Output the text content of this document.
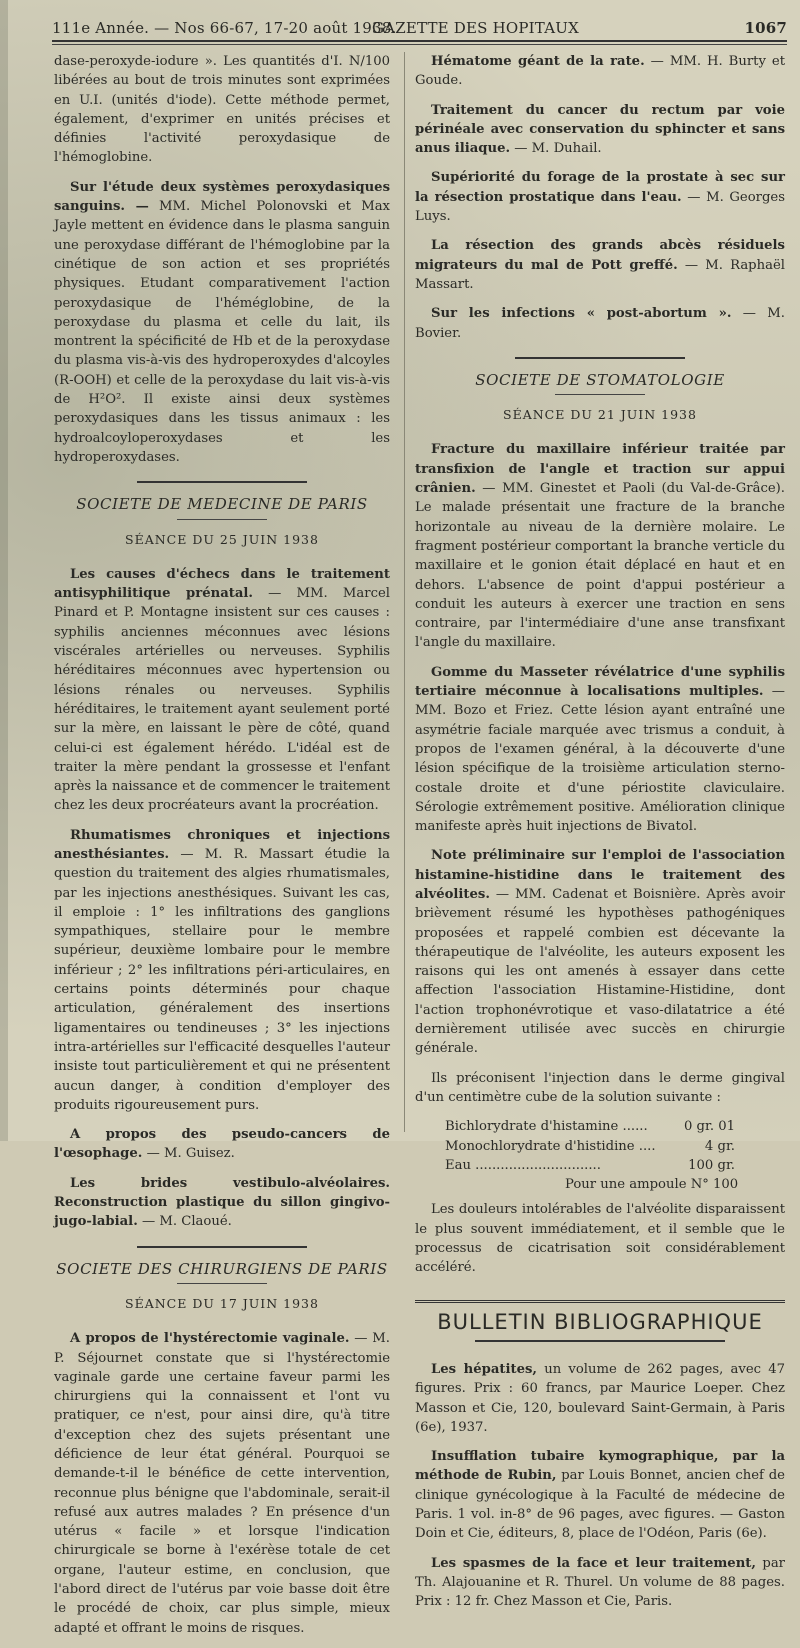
111e Année. — Nos 66-67, 17-20 août 1938.
GAZETTE DES HOPITAUX	1067

dase-peroxyde-iodure ». Les quantités d'I. N/100 libérées au bout de trois minutes sont exprimées en U.I. (unités d'iode). Cette méthode permet, également, d'exprimer en unités précises et définies l'activité peroxydasique de l'hémoglobine.

Sur l'étude deux systèmes peroxydasiques sanguins. — MM. Michel Polonovski et Max Jayle mettent en évidence dans le plasma sanguin une peroxydase différant de l'hémoglobine par la cinétique de son action et ses propriétés physiques. Etudant comparativement l'action peroxydasique de l'héméglobine, de la peroxydase du plasma et celle du lait, ils montrent la spécificité de Hb et de la peroxydase du plasma vis-à-vis des hydroperoxydes d'alcoyles (R-OOH) et celle de la peroxydase du lait vis-à-vis de H²O². Il existe ainsi deux systèmes peroxydasiques dans les tissus animaux : les hydroalcoyloperoxydases et les hydroperoxydases.

SOCIETE DE MEDECINE DE PARIS
SÉANCE DU 25 JUIN 1938

Les causes d'échecs dans le traitement antisyphilitique prénatal. — MM. Marcel Pinard et P. Montagne insistent sur ces causes : syphilis anciennes méconnues avec lésions viscérales artérielles ou nerveuses. Syphilis héréditaires méconnues avec hypertension ou lésions rénales ou nerveuses. Syphilis héréditaires, le traitement ayant seulement porté sur la mère, en laissant le père de côté, quand celui-ci est également hérédo. L'idéal est de traiter la mère pendant la grossesse et l'enfant après la naissance et de commencer le traitement chez les deux procréateurs avant la procréation.

Rhumatismes chroniques et injections anesthésiantes. — M. R. Massart étudie la question du traitement des algies rhumatismales, par les injections anesthésiques. Suivant les cas, il emploie : 1° les infiltrations des ganglions sympathiques, stellaire pour le membre supérieur, deuxième lombaire pour le membre inférieur ; 2° les infiltrations péri-articulaires, en certains points déterminés pour chaque articulation, généralement des insertions ligamentaires ou tendineuses ; 3° les injections intra-artérielles sur l'efficacité desquelles l'auteur insiste tout particulièrement et qui ne présentent aucun danger, à condition d'employer des produits rigoureusement purs.

A propos des pseudo-cancers de l'œsophage. — M. Guisez.

Les brides vestibulo-alvéolaires. Reconstruction plastique du sillon gingivo-jugo-labial. — M. Claoué.

SOCIETE DES CHIRURGIENS DE PARIS
SÉANCE DU 17 JUIN 1938

A propos de l'hystérectomie vaginale. — M. P. Séjournet constate que si l'hystérectomie vaginale garde une certaine faveur parmi les chirurgiens qui la connaissent et l'ont vu pratiquer, ce n'est, pour ainsi dire, qu'à titre d'exception chez des sujets présentant une déficience de leur état général. Pourquoi se demande-t-il le bénéfice de cette intervention, reconnue plus bénigne que l'abdominale, serait-il refusé aux autres malades ? En présence d'un utérus « facile » et lorsque l'indication chirurgicale se borne à l'exérèse totale de cet organe, l'auteur estime, en conclusion, que l'abord direct de l'utérus par voie basse doit être le procédé de choix, car plus simple, mieux adapté et offrant le moins de risques.

Hématome géant de la rate. — MM. H. Burty et Goude.

Traitement du cancer du rectum par voie périnéale avec conservation du sphincter et sans anus iliaque. — M. Duhail.

Supériorité du forage de la prostate à sec sur la résection prostatique dans l'eau. — M. Georges Luys.

La résection des grands abcès résiduels migrateurs du mal de Pott greffé. — M. Raphaël Massart.

Sur les infections « post-abortum ». — M. Bovier.

SOCIETE DE STOMATOLOGIE
SÉANCE DU 21 JUIN 1938

Fracture du maxillaire inférieur traitée par transfixion de l'angle et traction sur appui crânien. — MM. Ginestet et Paoli (du Val-de-Grâce). Le malade présentait une fracture de la branche horizontale au niveau de la dernière molaire. Le fragment postérieur comportant la branche verticle du maxillaire et le gonion était déplacé en haut et en dehors. L'absence de point d'appui postérieur a conduit les auteurs à exercer une traction en sens contraire, par l'intermédiaire d'une anse transfixant l'angle du maxillaire.

Gomme du Masseter révélatrice d'une syphilis tertiaire méconnue à localisations multiples. — MM. Bozo et Friez. Cette lésion ayant entraîné une asymétrie faciale marquée avec trismus a conduit, à propos de l'examen général, à la découverte d'une lésion spécifique de la troisième articulation sterno-costale droite et d'une périostite claviculaire. Sérologie extrêmement positive. Amélioration clinique manifeste après huit injections de Bivatol.

Note préliminaire sur l'emploi de l'association histamine-histidine dans le traitement des alvéolites. — MM. Cadenat et Boisnière. Après avoir brièvement résumé les hypothèses pathogéniques proposées et rappelé combien est décevante la thérapeutique de l'alvéolite, les auteurs exposent les raisons qui les ont amenés à essayer dans cette affection l'association Histamine-Histidine, dont l'action trophonévrotique et vaso-dilatatrice a été dernièrement utilisée avec succès en chirurgie générale.

Ils préconisent l'injection dans le derme gingival d'un centimètre cube de la solution suivante :

Bichlorydrate d'histamine ......	0 gr. 01
Monochlorydrate d'histidine ....	4 gr.
Eau ..............................	100 gr.
Pour une ampoule N° 100

Les douleurs intolérables de l'alvéolite disparaissent le plus souvent immédiatement, et il semble que le processus de cicatrisation soit considérablement accéléré.

BULLETIN BIBLIOGRAPHIQUE

Les hépatites, un volume de 262 pages, avec 47 figures. Prix : 60 francs, par Maurice Loeper. Chez Masson et Cie, 120, boulevard Saint-Germain, à Paris (6e), 1937.

Insufflation tubaire kymographique, par la méthode de Rubin, par Louis Bonnet, ancien chef de clinique gynécologique à la Faculté de médecine de Paris. 1 vol. in-8° de 96 pages, avec figures. — Gaston Doin et Cie, éditeurs, 8, place de l'Odéon, Paris (6e).

Les spasmes de la face et leur traitement, par Th. Alajouanine et R. Thurel. Un volume de 88 pages. Prix : 12 fr. Chez Masson et Cie, Paris.
